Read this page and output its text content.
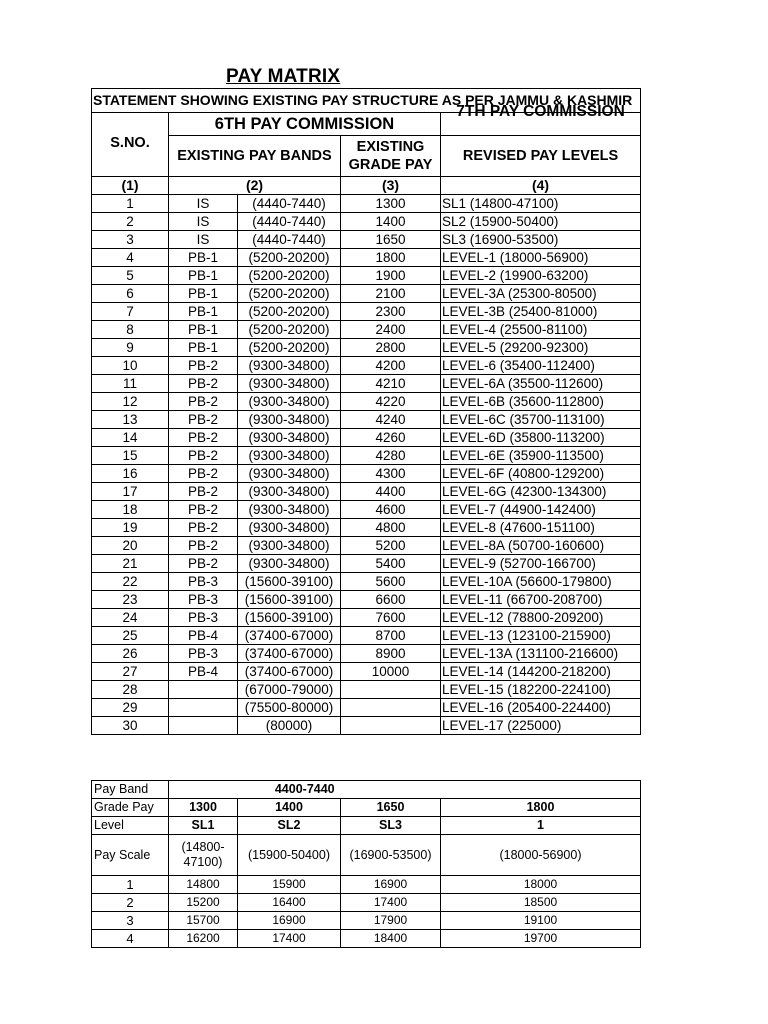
PAY MATRIX
STATEMENT SHOWING EXISTING PAY STRUCTURE AS PER JAMMU & KASHMIR				
S.NO.	6TH PAY COMMISSION			7TH PAY COMMISSION

	EXISTING PAY BANDS		EXISTING GRADE PAY	REVISED PAY LEVELS
(1)	(2)		(3)	(4)
1	IS	(4440-7440)	1300	SL1 (14800-47100)
2	IS	(4440-7440)	1400	SL2 (15900-50400)
3	IS	(4440-7440)	1650	SL3 (16900-53500)
4	PB-1	(5200-20200)	1800	LEVEL-1 (18000-56900)
5	PB-1	(5200-20200)	1900	LEVEL-2 (19900-63200)
6	PB-1	(5200-20200)	2100	LEVEL-3A (25300-80500)
7	PB-1	(5200-20200)	2300	LEVEL-3B (25400-81000)
8	PB-1	(5200-20200)	2400	LEVEL-4 (25500-81100)
9	PB-1	(5200-20200)	2800	LEVEL-5 (29200-92300)
10	PB-2	(9300-34800)	4200	LEVEL-6 (35400-112400)
11	PB-2	(9300-34800)	4210	LEVEL-6A (35500-112600)
12	PB-2	(9300-34800)	4220	LEVEL-6B (35600-112800)
13	PB-2	(9300-34800)	4240	LEVEL-6C (35700-113100)
14	PB-2	(9300-34800)	4260	LEVEL-6D (35800-113200)
15	PB-2	(9300-34800)	4280	LEVEL-6E (35900-113500)
16	PB-2	(9300-34800)	4300	LEVEL-6F (40800-129200)
17	PB-2	(9300-34800)	4400	LEVEL-6G (42300-134300)
18	PB-2	(9300-34800)	4600	LEVEL-7 (44900-142400)
19	PB-2	(9300-34800)	4800	LEVEL-8 (47600-151100)
20	PB-2	(9300-34800)	5200	LEVEL-8A (50700-160600)
21	PB-2	(9300-34800)	5400	LEVEL-9 (52700-166700)
22	PB-3	(15600-39100)	5600	LEVEL-10A (56600-179800)
23	PB-3	(15600-39100)	6600	LEVEL-11 (66700-208700)
24	PB-3	(15600-39100)	7600	LEVEL-12 (78800-209200)
25	PB-4	(37400-67000)	8700	LEVEL-13 (123100-215900)
26	PB-3	(37400-67000)	8900	LEVEL-13A (131100-216600)
27	PB-4	(37400-67000)	10000	LEVEL-14 (144200-218200)
28		(67000-79000)		LEVEL-15 (182200-224100)
29		(75500-80000)		LEVEL-16 (205400-224400)
30		(80000)		LEVEL-17 (225000)
Pay Band	4400-7440			
Grade Pay	1300	1400	1650	1800
Level	SL1	SL2	SL3	1
Pay Scale	(14800-47100)	(15900-50400)	(16900-53500)	(18000-56900)
1	14800	15900	16900	18000
2	15200	16400	17400	18500
3	15700	16900	17900	19100
4	16200	17400	18400	19700
